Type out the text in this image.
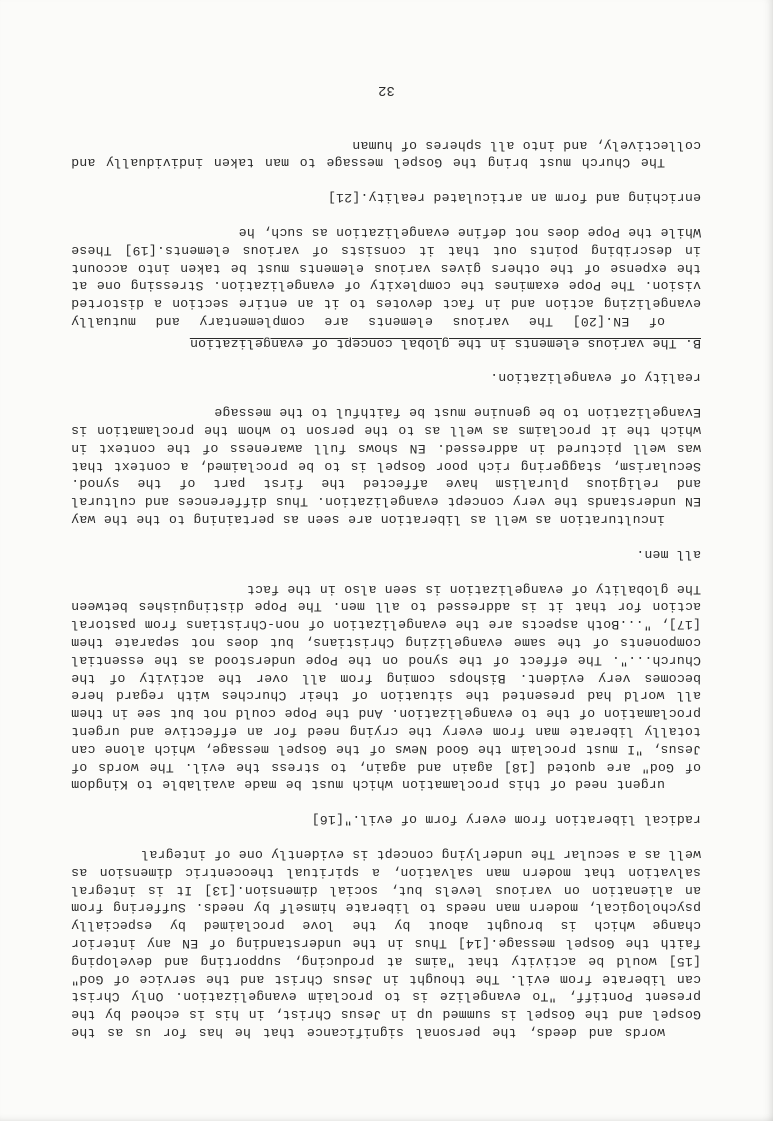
words and deeds, the personal significance that he has for us as the Gospel and the Gospel is summed up in Jesus Christ, in his is echoed by the present Pontiff, "To evangelize is to proclaim evangelization. Only Christ can liberate from evil. The thought in Jesus Christ and the service of God"[15] would be activity that "aims at producing, supporting and developing faith the Gospel message.[14] Thus in the understanding of EN any interior change which is brought about by the love proclaimed by especially psychological, modern man needs to liberate himself by needs. Suffering from an alienation on various levels but, social dimension.[13] It is integral salvation that modern man salvation, a spiritual theocentric dimension as well as a secular The underlying concept is evidently one of integral

radical liberation from every form of evil."[16]

urgent need of this proclamation which must be made available to Kingdom of God" are quoted [18] again and again, to stress the evil. The words of Jesus, "I must proclaim the Good News of the Gospel message, which alone can totally liberate man from every the crying need for an effective and urgent proclamation of the to evangelization. And the Pope could not but see in them all world had presented the situation of their Churches with regard here becomes very evident. Bishops coming from all over the activity of the Church...". The effect of the synod on the Pope understood as the essential components of the same evangelizing Christians, but does not separate them [17], "...Both aspects are the evangelization of non-Christians from pastoral action for that it is addressed to all men. The Pope distinguishes between The globality of evangelization is seen also in the fact

all men.

inculturation as well as liberation are seen as pertaining to the the way EN understands the very concept evangelization. Thus differences and cultural and religious pluralism have affected the first part of the synod. Secularism, staggering rich poor Gospel is to be proclaimed, a context that was well pictured in addressed. EN shows full awareness of the context in which the it proclaims as well as to the person to whom the proclamation is Evangelization to be genuine must be faithful to the message

reality of evangelization.

B. The various elements in the global concept of evangelization

of EN.[20] The various elements are complementary and mutually evangelizing action and in fact devotes to it an entire section a distorted vision. The Pope examines the complexity of evangelization. Stressing one at the expense of the others gives various elements must be taken into account in describing points out that it consists of various elements.[19] These While the Pope does not define evangelization as such, he

enriching and form an articulated reality.[21]

The Church must bring the Gospel message to man taken individually and collectively, and into all spheres of human

32
